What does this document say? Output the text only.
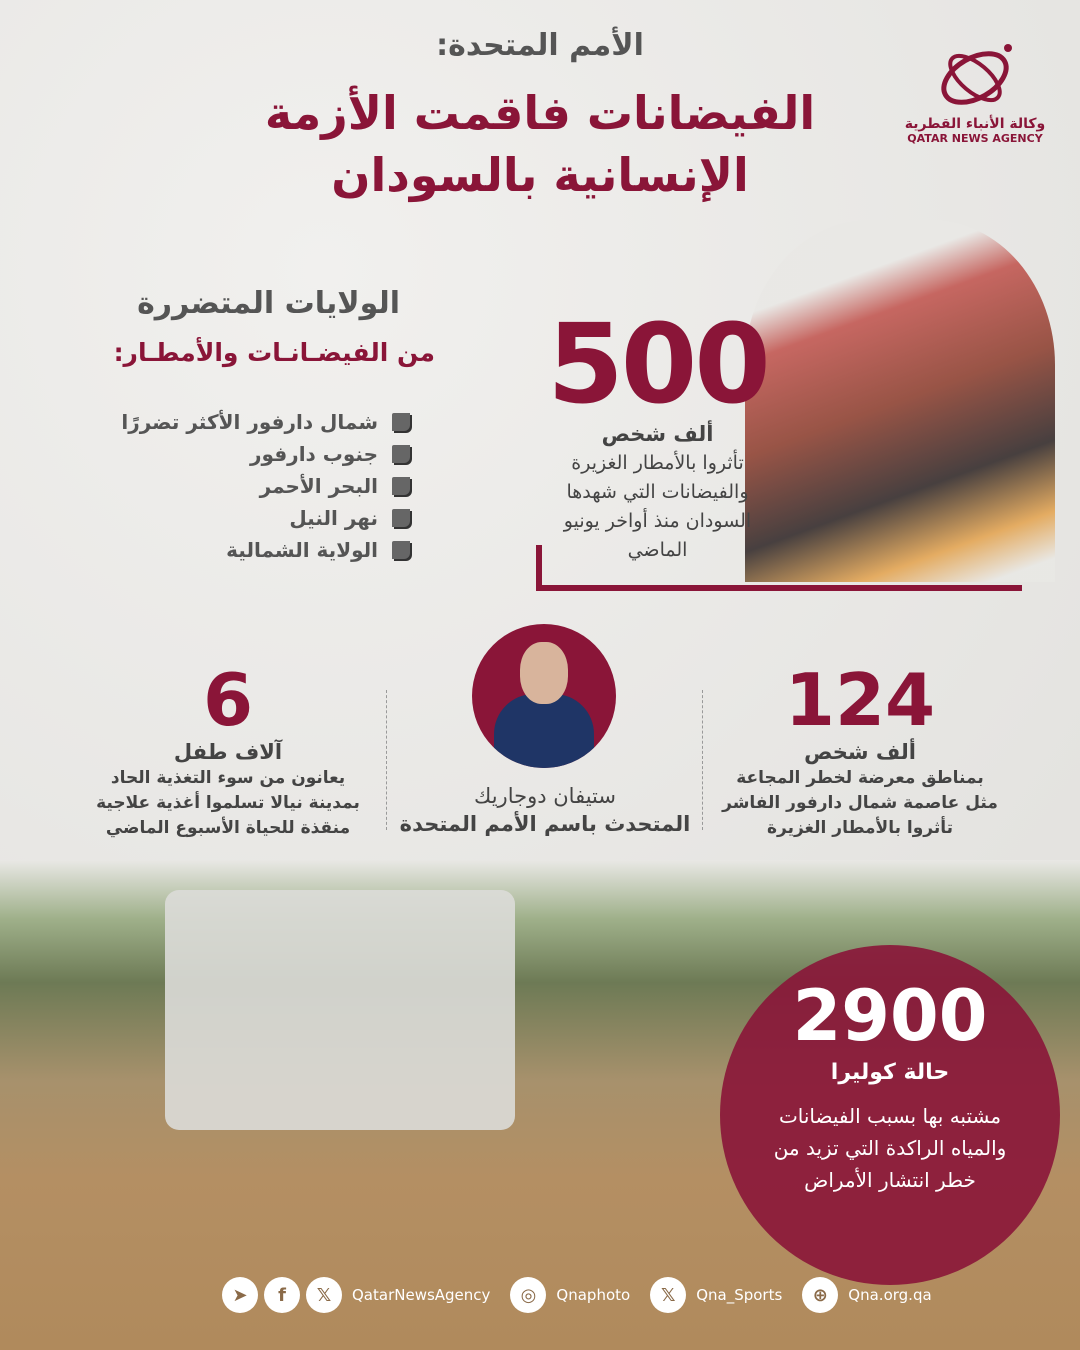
الأمم المتحدة:
الفيضانات فاقمت الأزمة
الإنسانية بالسودان
وكالة الأنباء القطرية
QATAR NEWS AGENCY
الولايات المتضررة
من الفيضـانـات والأمطـار:
شمال دارفور الأكثر تضررًا
جنوب دارفور
البحر الأحمر
نهر النيل
الولاية الشمالية
500
ألف شخص
تأثروا بالأمطار الغزيرة والفيضانات التي شهدها السودان منذ أواخر يونيو الماضي
124
ألف شخص
بمناطق معرضة لخطر المجاعة مثل عاصمة شمال دارفور الفاشر تأثروا بالأمطار الغزيرة
ستيفان دوجاريك
المتحدث باسم الأمم المتحدة
6
آلاف طفل
يعانون من سوء التغذية الحاد بمدينة نيالا تسلموا أغذية علاجية منقذة للحياة الأسبوع الماضي
2900
حالة كوليرا
مشتبه بها بسبب الفيضانات والمياه الراكدة التي تزيد من خطر انتشار الأمراض
➤	f	𝕏	QatarNewsAgency	◎	Qnaphoto	𝕏	Qna_Sports	⊕	Qna.org.qa
